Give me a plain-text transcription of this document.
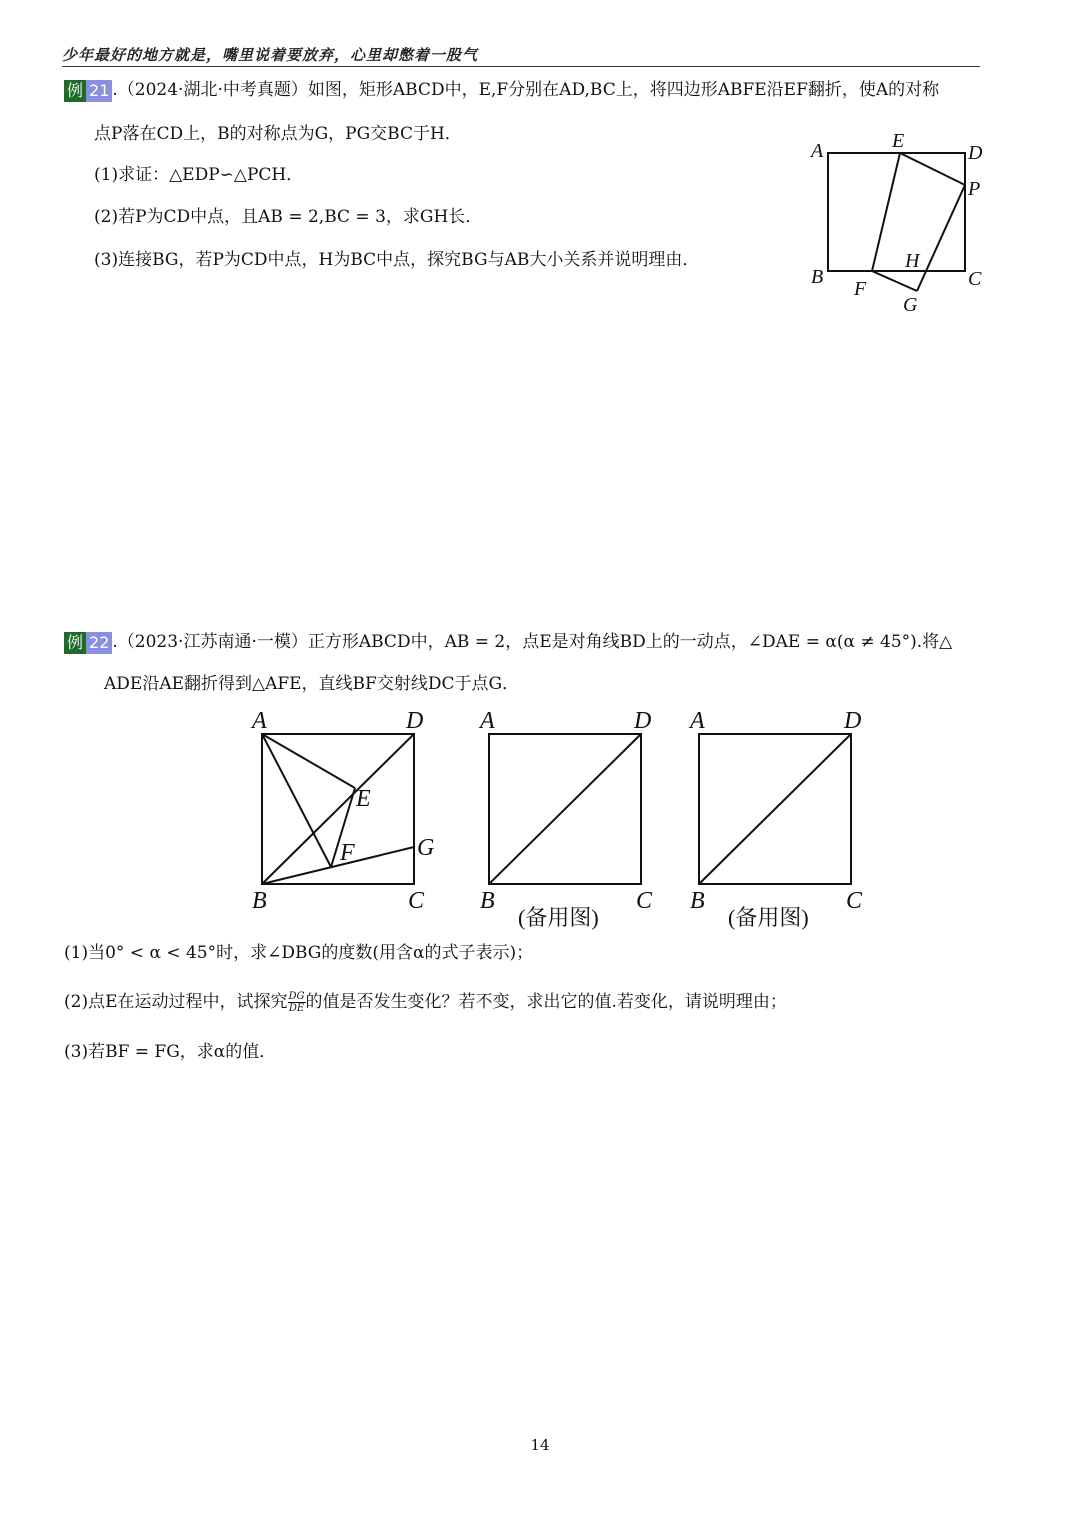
少年最好的地方就是，嘴里说着要放弃，心里却憋着一股气
例 21 .（2024·湖北·中考真题）如图，矩形ABCD中，E,F分别在AD,BC上，将四边形ABFE沿EF翻折，使A的对称
点P落在CD上，B的对称点为G，PG交BC于H．
(1)求证：△EDP∽△PCH．
(2)若P为CD中点，且AB = 2,BC = 3，求GH长．
(3)连接BG，若P为CD中点，H为BC中点，探究BG与AB大小关系并说明理由．
A	E
D
P
B
H
C
F
G
例 22 .（2023·江苏南通·一模）正方形ABCD中，AB = 2，点E是对角线BD上的一动点，∠DAE = α(α ≠ 45°).将△
ADE沿AE翻折得到△AFE，直线BF交射线DC于点G．
A	D
E
F	G
B	C
A	D
B	C
(备用图)
A	D
B	C
(备用图)
(1)当0° < α < 45°时，求∠DBG的度数(用含α的式子表示)；
(2)点E在运动过程中，试探究 $\frac{DG}{DE}$ 的值是否发生变化？若不变，求出它的值.若变化，请说明理由；
(3)若BF = FG，求α的值．
14
